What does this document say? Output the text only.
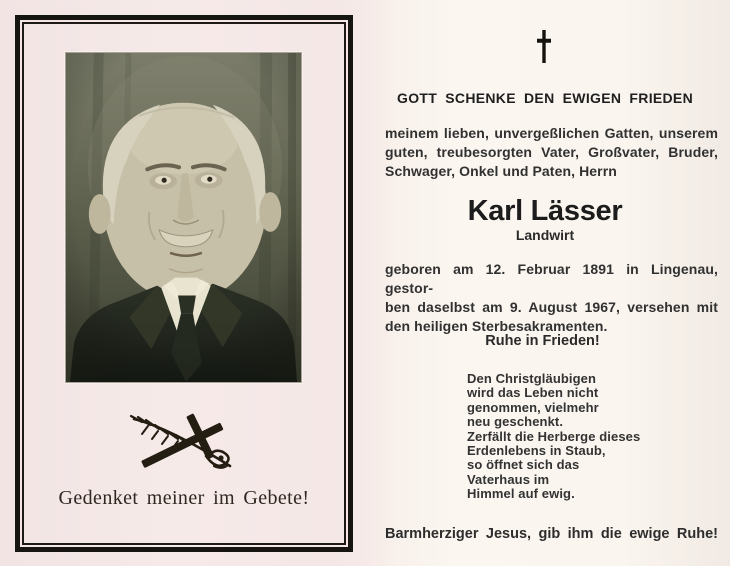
Gedenket meiner im Gebete!
GOTT SCHENKE DEN EWIGEN FRIEDEN
meinem lieben, unvergeßlichen Gatten, unserem
guten, treubesorgten Vater, Großvater, Bruder,
Schwager, Onkel und Paten, Herrn
Karl Lässer
Landwirt
geboren am 12. Februar 1891 in Lingenau, gestor-
ben daselbst am 9. August 1967, versehen mit
den heiligen Sterbesakramenten.
Ruhe in Frieden!
Den Christgläubigen
wird das Leben nicht
genommen, vielmehr
neu geschenkt.
Zerfällt die Herberge dieses
Erdenlebens in Staub,
so öffnet sich das
Vaterhaus im
Himmel auf ewig.
Barmherziger Jesus, gib ihm die ewige Ruhe!
